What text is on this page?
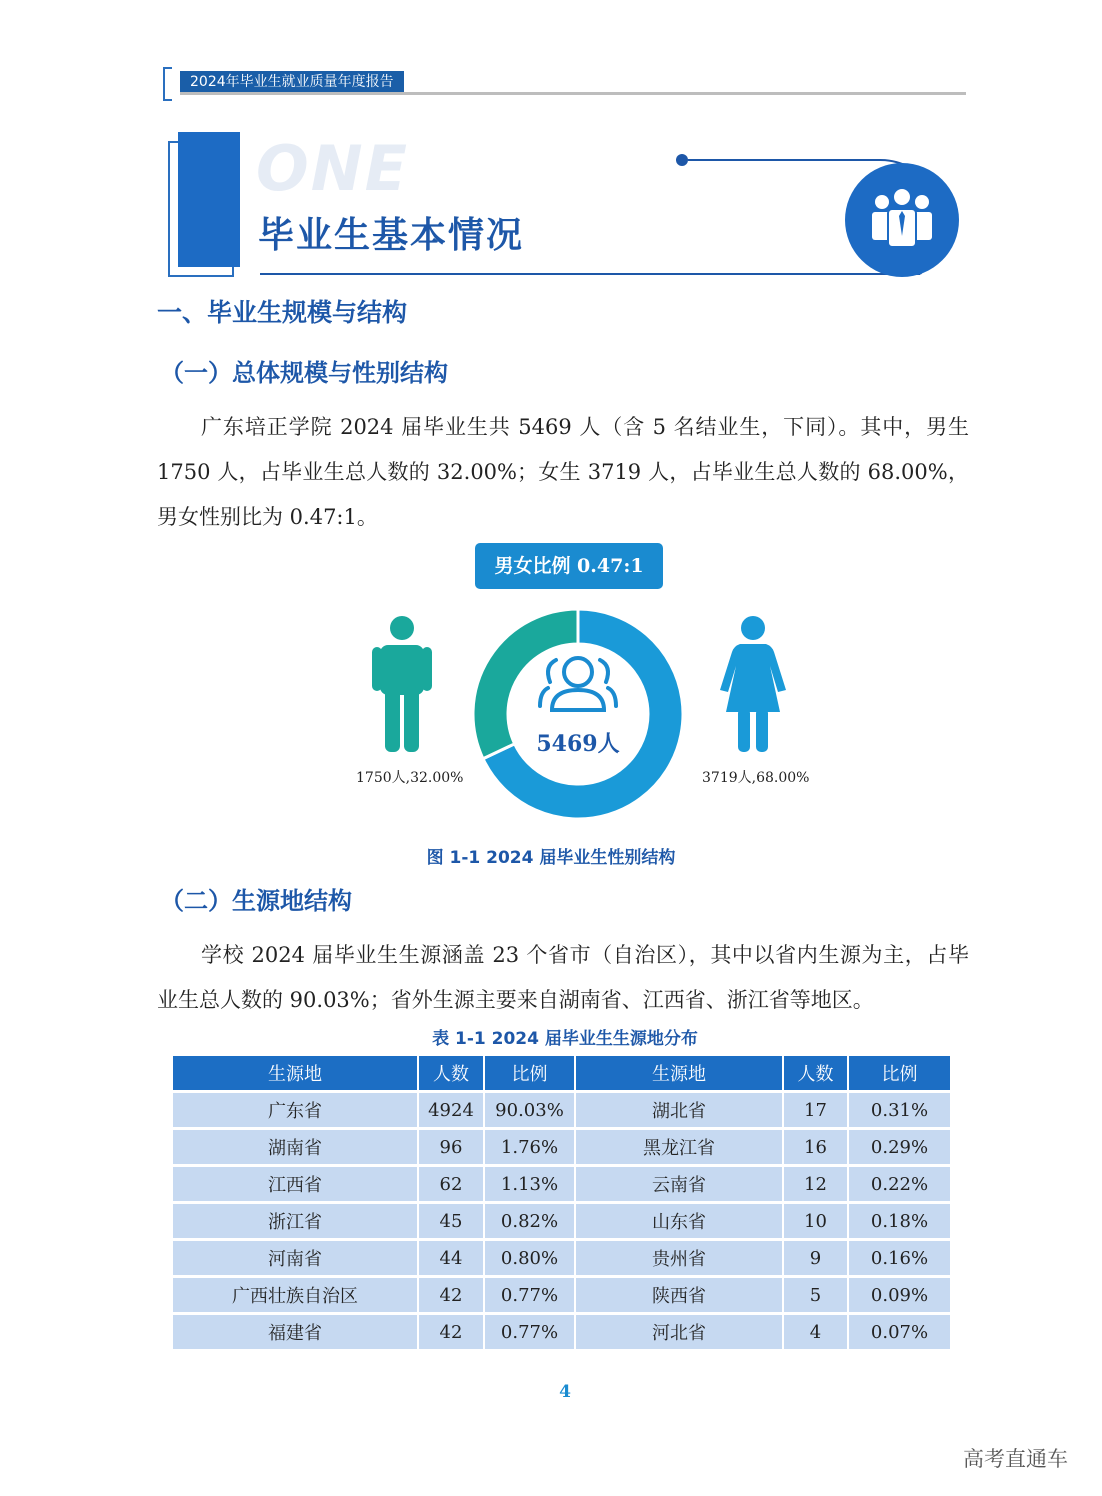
2024年毕业生就业质量年度报告
ONE
毕业生基本情况
一、毕业生规模与结构
（一）总体规模与性别结构
广东培正学院 2024 届毕业生共 5469 人（含 5 名结业生，下同）。其中，男生 1750 人，占毕业生总人数的 32.00%；女生 3719 人，占毕业生总人数的 68.00%，男女性别比为 0.47:1。
男女比例 0.47:1
5469人
1750人,32.00%	3719人,68.00%
图 1-1 2024 届毕业生性别结构
（二）生源地结构
学校 2024 届毕业生生源涵盖 23 个省市（自治区），其中以省内生源为主，占毕业生总人数的 90.03%；省外生源主要来自湖南省、江西省、浙江省等地区。
表 1-1 2024 届毕业生生源地分布
生源地	人数	比例	生源地	人数	比例
广东省	4924	90.03%	湖北省	17	0.31%
湖南省	96	1.76%	黑龙江省	16	0.29%
江西省	62	1.13%	云南省	12	0.22%
浙江省	45	0.82%	山东省	10	0.18%
河南省	44	0.80%	贵州省	9	0.16%
广西壮族自治区	42	0.77%	陕西省	5	0.09%
福建省	42	0.77%	河北省	4	0.07%
4
高考直通车
